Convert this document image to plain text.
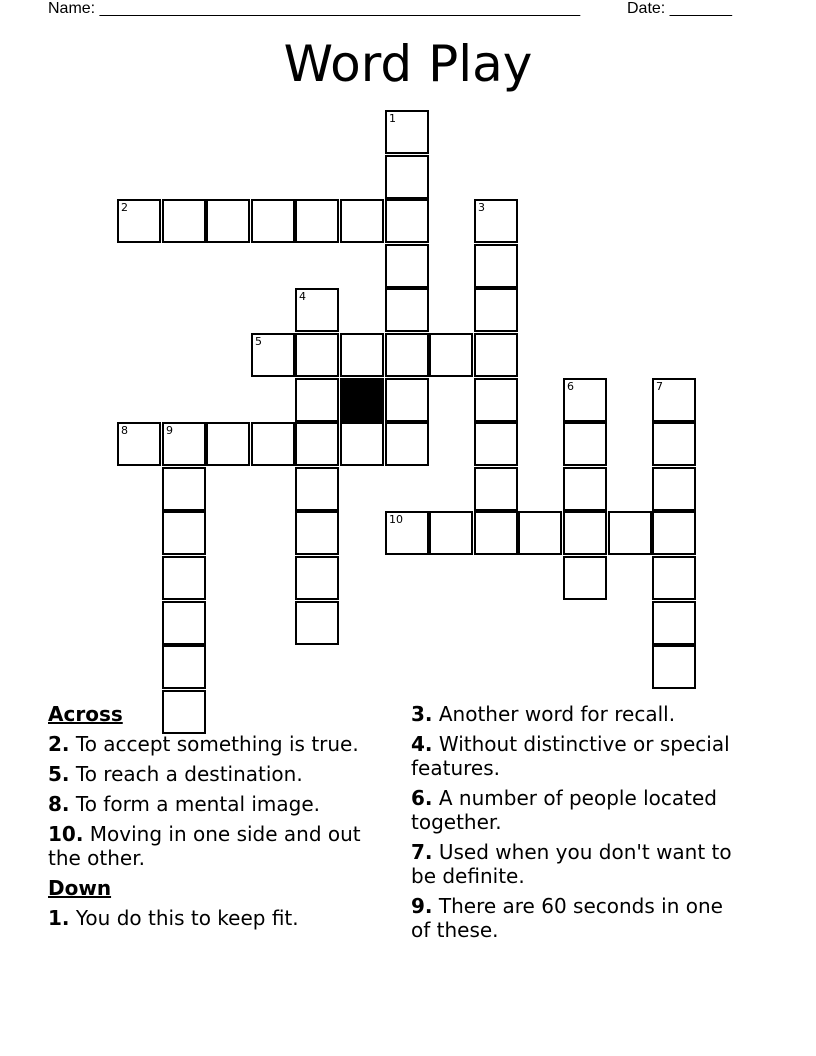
Name: ______________________________________________________	Date: _______
Word Play
1
2	3
4
5
8	9
10
6	7
Across
2. To accept something is true.
5. To reach a destination.
8. To form a mental image.
10. Moving in one side and out the other.
Down
1. You do this to keep fit.
3. Another word for recall.
4. Without distinctive or special features.
6. A number of people located together.
7. Used when you don't want to be definite.
9. There are 60 seconds in one of these.
